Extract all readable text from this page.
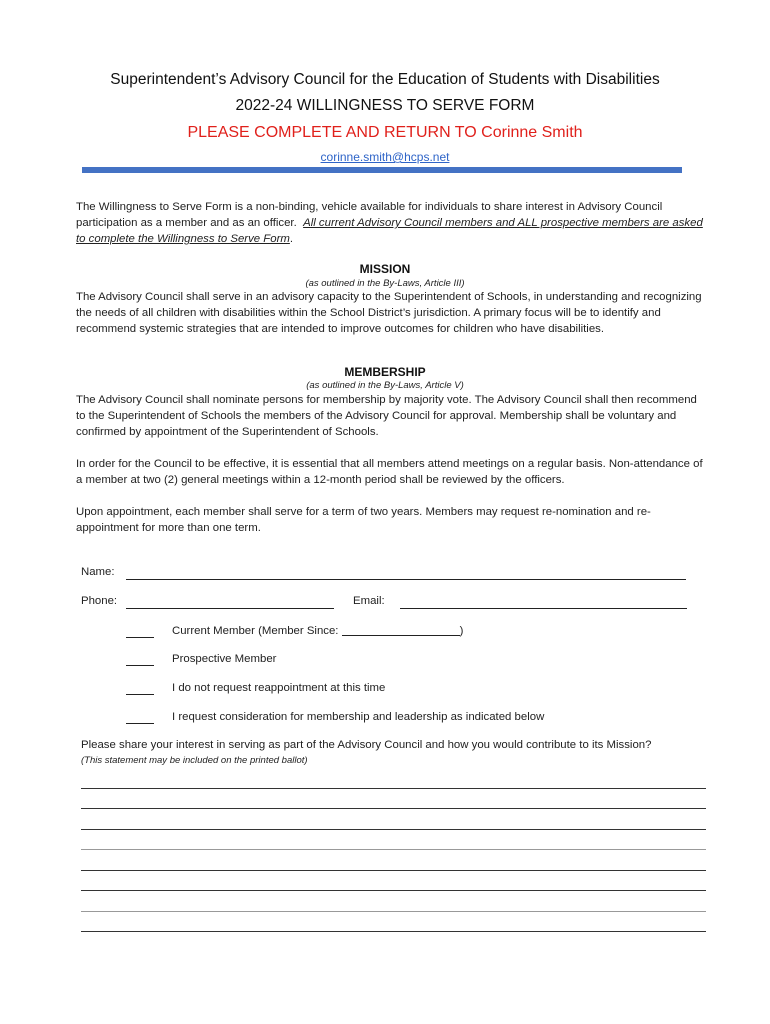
Superintendent’s Advisory Council for the Education of Students with Disabilities
2022-24 WILLINGNESS TO SERVE FORM
PLEASE COMPLETE AND RETURN TO Corinne Smith
corinne.smith@hcps.net
The Willingness to Serve Form is a non-binding, vehicle available for individuals to share interest in Advisory Council participation as a member and as an officer. All current Advisory Council members and ALL prospective members are asked to complete the Willingness to Serve Form.
MISSION
(as outlined in the By-Laws, Article III)
The Advisory Council shall serve in an advisory capacity to the Superintendent of Schools, in understanding and recognizing the needs of all children with disabilities within the School District’s jurisdiction. A primary focus will be to identify and recommend systemic strategies that are intended to improve outcomes for children who have disabilities.
MEMBERSHIP
(as outlined in the By-Laws, Article V)
The Advisory Council shall nominate persons for membership by majority vote. The Advisory Council shall then recommend to the Superintendent of Schools the members of the Advisory Council for approval. Membership shall be voluntary and confirmed by appointment of the Superintendent of Schools.
In order for the Council to be effective, it is essential that all members attend meetings on a regular basis. Non-attendance of a member at two (2) general meetings within a 12-month period shall be reviewed by the officers.
Upon appointment, each member shall serve for a term of two years. Members may request re-nomination and re-appointment for more than one term.
Name:
Phone:	Email:
Current Member (Member Since:	)
Prospective Member
I do not request reappointment at this time
I request consideration for membership and leadership as indicated below
Please share your interest in serving as part of the Advisory Council and how you would contribute to its Mission?
(This statement may be included on the printed ballot)
